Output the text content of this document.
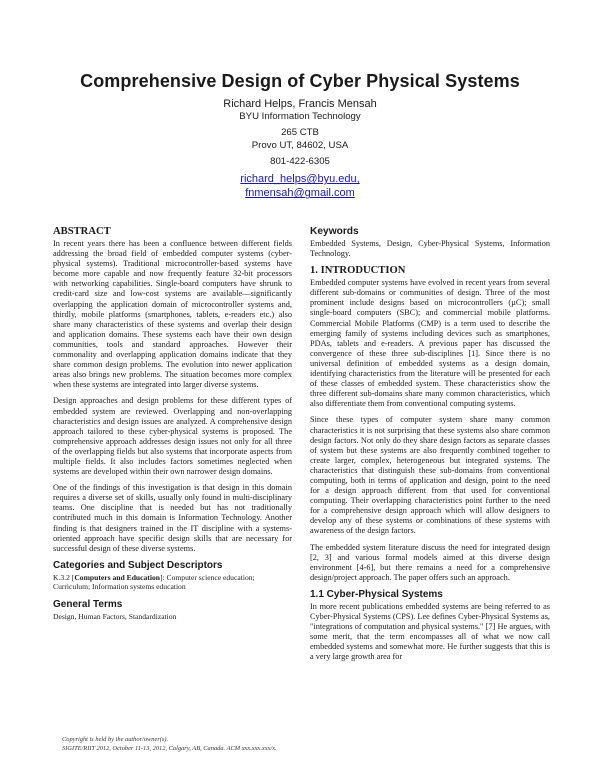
Comprehensive Design of Cyber Physical Systems
Richard Helps, Francis Mensah
BYU Information Technology
265 CTB
Provo UT, 84602, USA
801-422-6305
richard_helps@byu.edu,
fnmensah@gmail.com
ABSTRACT

In recent years there has been a confluence between different fields addressing the broad field of embedded computer systems (cyber-physical systems). Traditional microcontroller-based systems have become more capable and now frequently feature 32-bit processors with networking capabilities. Single-board computers have shrunk to credit-card size and low-cost systems are available—significantly overlapping the application domain of microcontroller systems and, thirdly, mobile platforms (smartphones, tablets, e-readers etc.) also share many characteristics of these systems and overlap their design and application domains. These systems each have their own design communities, tools and standard approaches. However their commonality and overlapping application domains indicate that they share common design problems. The evolution into newer application areas also brings new problems. The situation becomes more complex when these systems are integrated into larger diverse systems.

Design approaches and design problems for these different types of embedded system are reviewed. Overlapping and non-overlapping characteristics and design issues are analyzed. A comprehensive design approach tailored to these cyber-physical systems is proposed. The comprehensive approach addresses design issues not only for all three of the overlapping fields but also systems that incorporate aspects from multiple fields. It also includes factors sometimes neglected when systems are developed within their own narrower design domains.

One of the findings of this investigation is that design in this domain requires a diverse set of skills, usually only found in multi-disciplinary teams. One discipline that is needed but has not traditionally contributed much in this domain is Information Technology. Another finding is that designers trained in the IT discipline with a systems-oriented approach have specific design skills that are necessary for successful design of these diverse systems.

Categories and Subject Descriptors

K.3.2 [Computers and Education]: Computer science education; Curriculum; Information systems education

General Terms

Design, Human Factors, Standardization

Copyright is held by the author/owner(s).
SIGITE/RIIT 2012, October 11-13, 2012, Calgary, AB, Canada. ACM xxx.xxx.xxx/x.
Keywords

Embedded Systems, Design, Cyber-Physical Systems, Information Technology.

1. INTRODUCTION

Embedded computer systems have evolved in recent years from several different sub-domains or communities of design. Three of the most prominent include designs based on microcontrollers (µC); small single-board computers (SBC); and commercial mobile platforms. Commercial Mobile Platforms (CMP) is a term used to describe the emerging family of systems including devices such as smartphones, PDAs, tablets and e-readers. A previous paper has discussed the convergence of these three sub-disciplines [1]. Since there is no universal definition of embedded systems as a design domain, identifying characteristics from the literature will be presented for each of these classes of embedded system. These characteristics show the three different sub-domains share many common characteristics, which also differentiate them from conventional computing systems.

Since these types of computer system share many common characteristics it is not surprising that these systems also share common design factors. Not only do they share design factors as separate classes of system but these systems are also frequently combined together to create larger, complex, heterogeneous but integrated systems. The characteristics that distinguish these sub-domains from conventional computing, both in terms of application and design, point to the need for a design approach different from that used for conventional computing. Their overlapping characteristics point further to the need for a comprehensive design approach which will allow designers to develop any of these systems or combinations of these systems with awareness of the design factors.

The embedded system literature discuss the need for integrated design [2, 3] and various formal models aimed at this diverse design environment [4-6], but there remains a need for a comprehensive design/project approach. The paper offers such an approach.

1.1 Cyber-Physical Systems

In more recent publications embedded systems are being referred to as Cyber-Physical Systems (CPS). Lee defines Cyber-Physical Systems as, "integrations of computation and physical systems." [7] He argues, with some merit, that the term encompasses all of what we now call embedded systems and somewhat more. He further suggests that this is a very large growth area for
